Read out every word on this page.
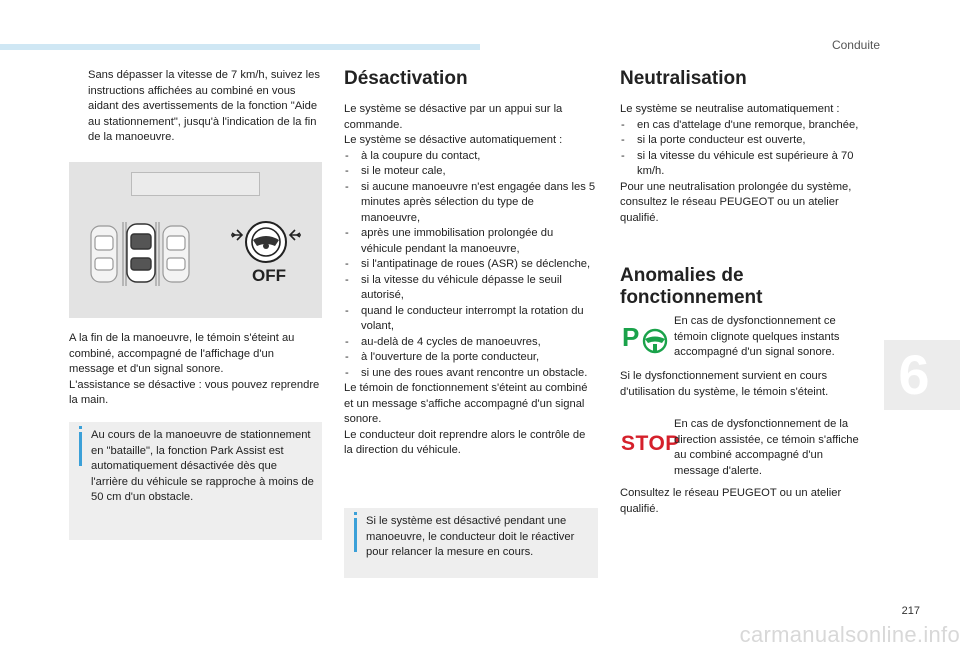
Conduite

Sans dépasser la vitesse de 7 km/h, suivez les instructions affichées au combiné en vous aidant des avertissements de la fonction "Aide au stationnement", jusqu'à l'indication de la fin de la manoeuvre.

OFF

A la fin de la manoeuvre, le témoin s'éteint au combiné, accompagné de l'affichage d'un message et d'un signal sonore.

L'assistance se désactive : vous pouvez reprendre la main.

Au cours de la manoeuvre de stationnement en "bataille", la fonction Park Assist est automatiquement désactivée dès que l'arrière du véhicule se rapproche à moins de 50 cm d'un obstacle.
Désactivation

Le système se désactive par un appui sur la commande.

Le système se désactive automatiquement :

- à la coupure du contact,
- si le moteur cale,
- si aucune manoeuvre n'est engagée dans les 5 minutes après sélection du type de manoeuvre,
- après une immobilisation prolongée du véhicule pendant la manoeuvre,
- si l'antipatinage de roues (ASR) se déclenche,
- si la vitesse du véhicule dépasse le seuil autorisé,
- quand le conducteur interrompt la rotation du volant,
- au-delà de 4 cycles de manoeuvres,
- à l'ouverture de la porte conducteur,
- si une des roues avant rencontre un obstacle.

Le témoin de fonctionnement s'éteint au combiné et un message s'affiche accompagné d'un signal sonore.

Le conducteur doit reprendre alors le contrôle de la direction du véhicule.

Si le système est désactivé pendant une manoeuvre, le conducteur doit le réactiver pour relancer la mesure en cours.
Neutralisation

Le système se neutralise automatiquement :

- en cas d'attelage d'une remorque, branchée,
- si la porte conducteur est ouverte,
- si la vitesse du véhicule est supérieure à 70 km/h.

Pour une neutralisation prolongée du système, consultez le réseau PEUGEOT ou un atelier qualifié.

Anomalies de
fonctionnement
P
En cas de dysfonctionnement ce témoin clignote quelques instants accompagné d'un signal sonore.
Si le dysfonctionnement survient en cours d'utilisation du système, le témoin s'éteint.
STOP
En cas de dysfonctionnement de la direction assistée, ce témoin s'affiche au combiné accompagné d'un message d'alerte.
Consultez le réseau PEUGEOT ou un atelier qualifié.
6
217
carmanualsonline.info
